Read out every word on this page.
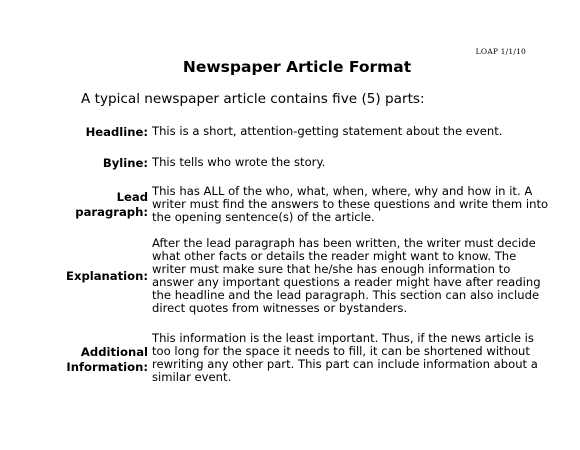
LOAP 1/1/10
Newspaper Article Format
A typical newspaper article contains five (5) parts:
Headline: This is a short, attention-getting statement about the event.
Byline: This tells who wrote the story.
Lead
paragraph:
This has ALL of the who, what, when, where, why and how in it. A
writer must find the answers to these questions and write them into
the opening sentence(s) of the article.
Explanation:
After the lead paragraph has been written, the writer must decide
what other facts or details the reader might want to know. The
writer must make sure that he/she has enough information to
answer any important questions a reader might have after reading
the headline and the lead paragraph. This section can also include
direct quotes from witnesses or bystanders.
Additional
Information:
This information is the least important. Thus, if the news article is
too long for the space it needs to fill, it can be shortened without
rewriting any other part. This part can include information about a
similar event.
